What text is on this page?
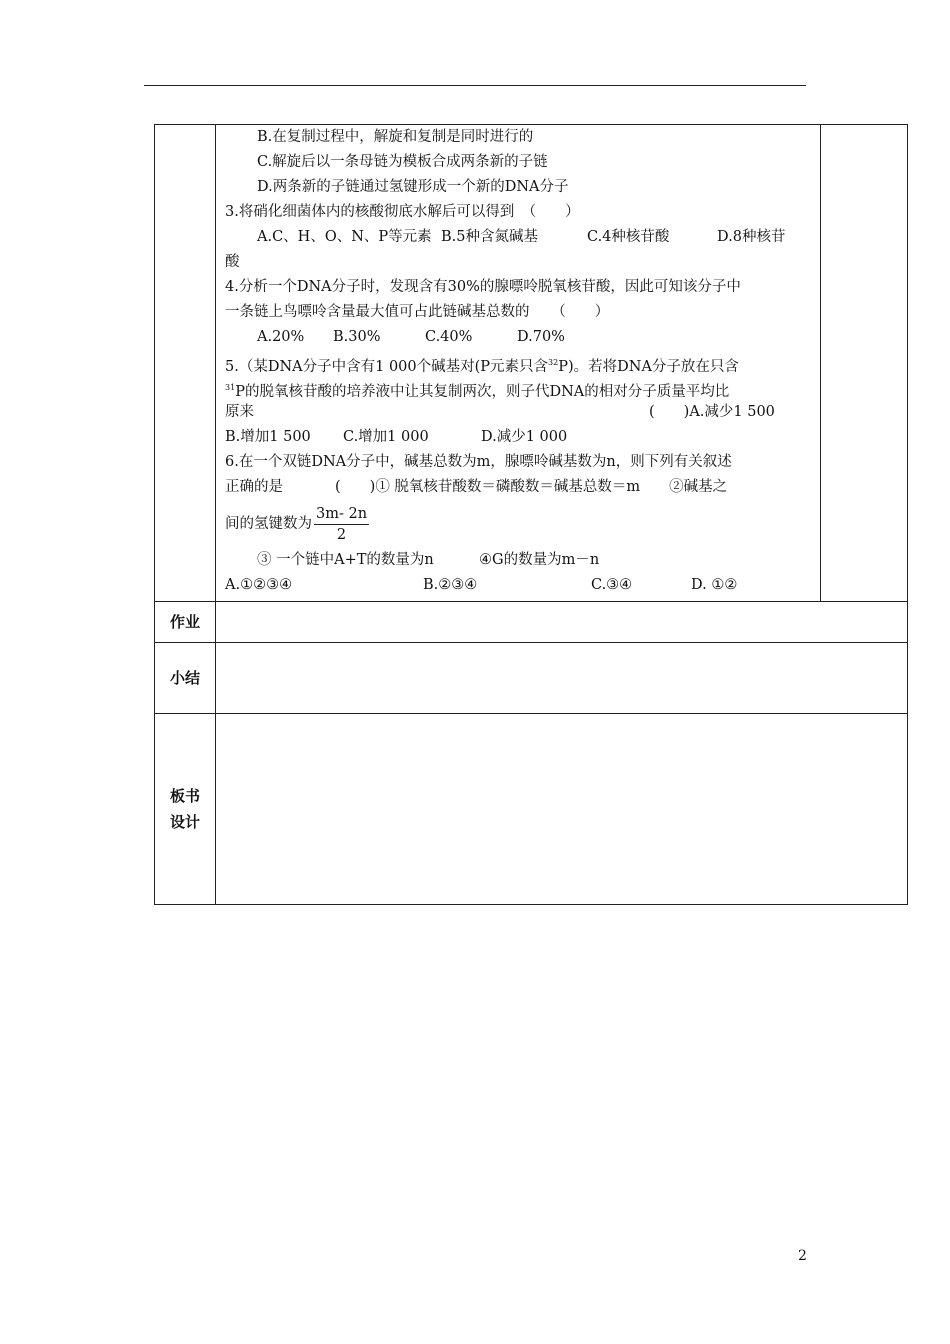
B.在复制过程中，解旋和复制是同时进行的
C.解旋后以一条母链为模板合成两条新的子链
D.两条新的子链通过氢键形成一个新的DNA分子
3.将硝化细菌体内的核酸彻底水解后可以得到　（　　）
A.C、H、O、N、P等元素 B.5种含氮碱基	C.4种核苷酸	D.8种核苷
酸
4.分析一个DNA分子时，发现含有30%的腺嘌呤脱氧核苷酸，因此可知该分子中
一条链上鸟嘌呤含量最大值可占此链碱基总数的　　（　　）
A.20% B.30%	C.40%	D.70%
5.（某DNA分子中含有1 000个碱基对(P元素只含$^{32}$P)。若将DNA分子放在只含
$^{31}$P的脱氧核苷酸的培养液中让其复制两次，则子代DNA的相对分子质量平均比
原来	(　　)A.减少1 500
B.增加1 500 C.增加1 000	D.减少1 000
6.在一个双链DNA分子中，碱基总数为m，腺嘌呤碱基数为n，则下列有关叙述
正确的是	(　　)① 脱氧核苷酸数＝磷酸数＝碱基总数＝m　　②碱基之
间的氢键数为 $\frac{3m- 2n}{2}$
③ 一个链中A+T的数量为n	④G的数量为m－n
A.①②③④	B.②③④	C.③④	D. ①②
作业
小结
板书
设计
2
